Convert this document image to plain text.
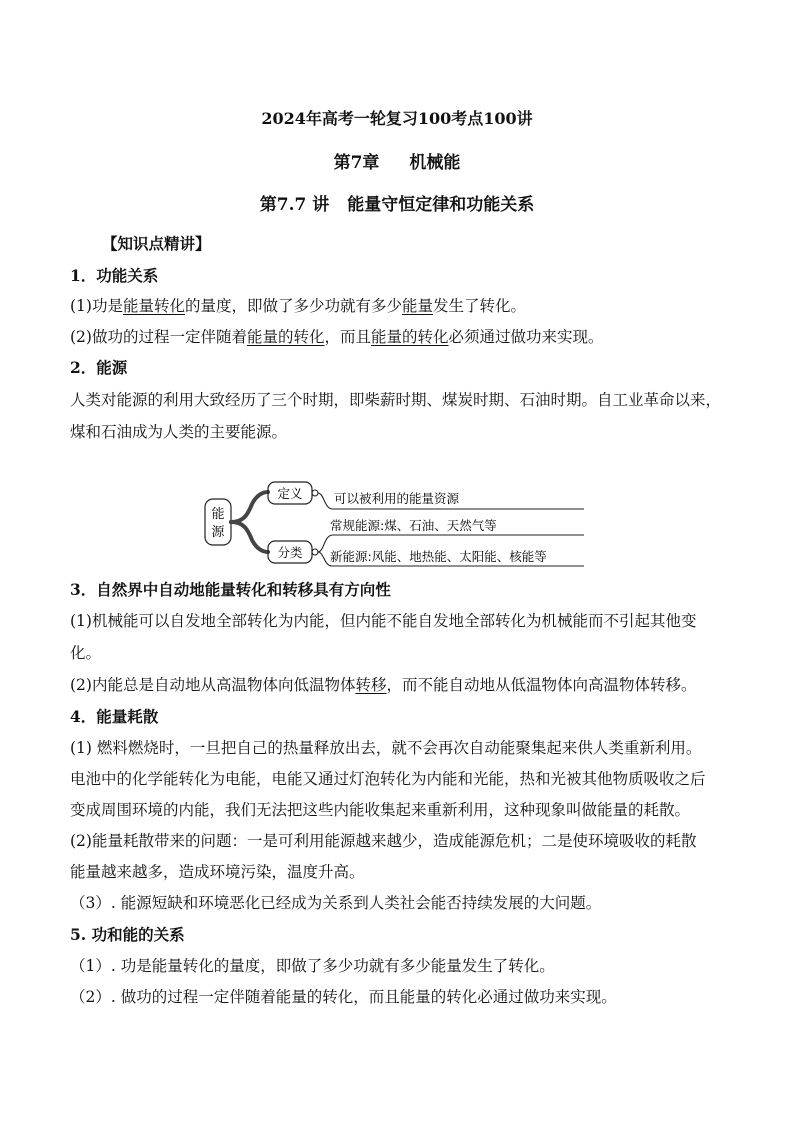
2024年高考一轮复习100考点100讲
第7章 机械能
第7.7 讲 能量守恒定律和功能关系
【知识点精讲】
1．功能关系
(1)功是能量转化的量度，即做了多少功就有多少能量发生了转化。
(2)做功的过程一定伴随着能量的转化，而且能量的转化必须通过做功来实现。
2．能源
人类对能源的利用大致经历了三个时期，即柴薪时期、煤炭时期、石油时期。自工业革命以来，
煤和石油成为人类的主要能源。
能
源
定义	可以被利用的能量资源
分类
常规能源:煤、石油、天然气等
新能源:风能、地热能、太阳能、核能等
3．自然界中自动地能量转化和转移具有方向性
(1)机械能可以自发地全部转化为内能，但内能不能自发地全部转化为机械能而不引起其他变
化。
(2)内能总是自动地从高温物体向低温物体转移，而不能自动地从低温物体向高温物体转移。
4．能量耗散
(1) 燃料燃烧时，一旦把自己的热量释放出去，就不会再次自动能聚集起来供人类重新利用。
电池中的化学能转化为电能，电能又通过灯泡转化为内能和光能，热和光被其他物质吸收之后
变成周围环境的内能，我们无法把这些内能收集起来重新利用，这种现象叫做能量的耗散。
(2)能量耗散带来的问题：一是可利用能源越来越少，造成能源危机；二是使环境吸收的耗散
能量越来越多，造成环境污染，温度升高。
（3）. 能源短缺和环境恶化已经成为关系到人类社会能否持续发展的大问题。
5. 功和能的关系
（1）. 功是能量转化的量度，即做了多少功就有多少能量发生了转化。
（2）. 做功的过程一定伴随着能量的转化，而且能量的转化必通过做功来实现。
